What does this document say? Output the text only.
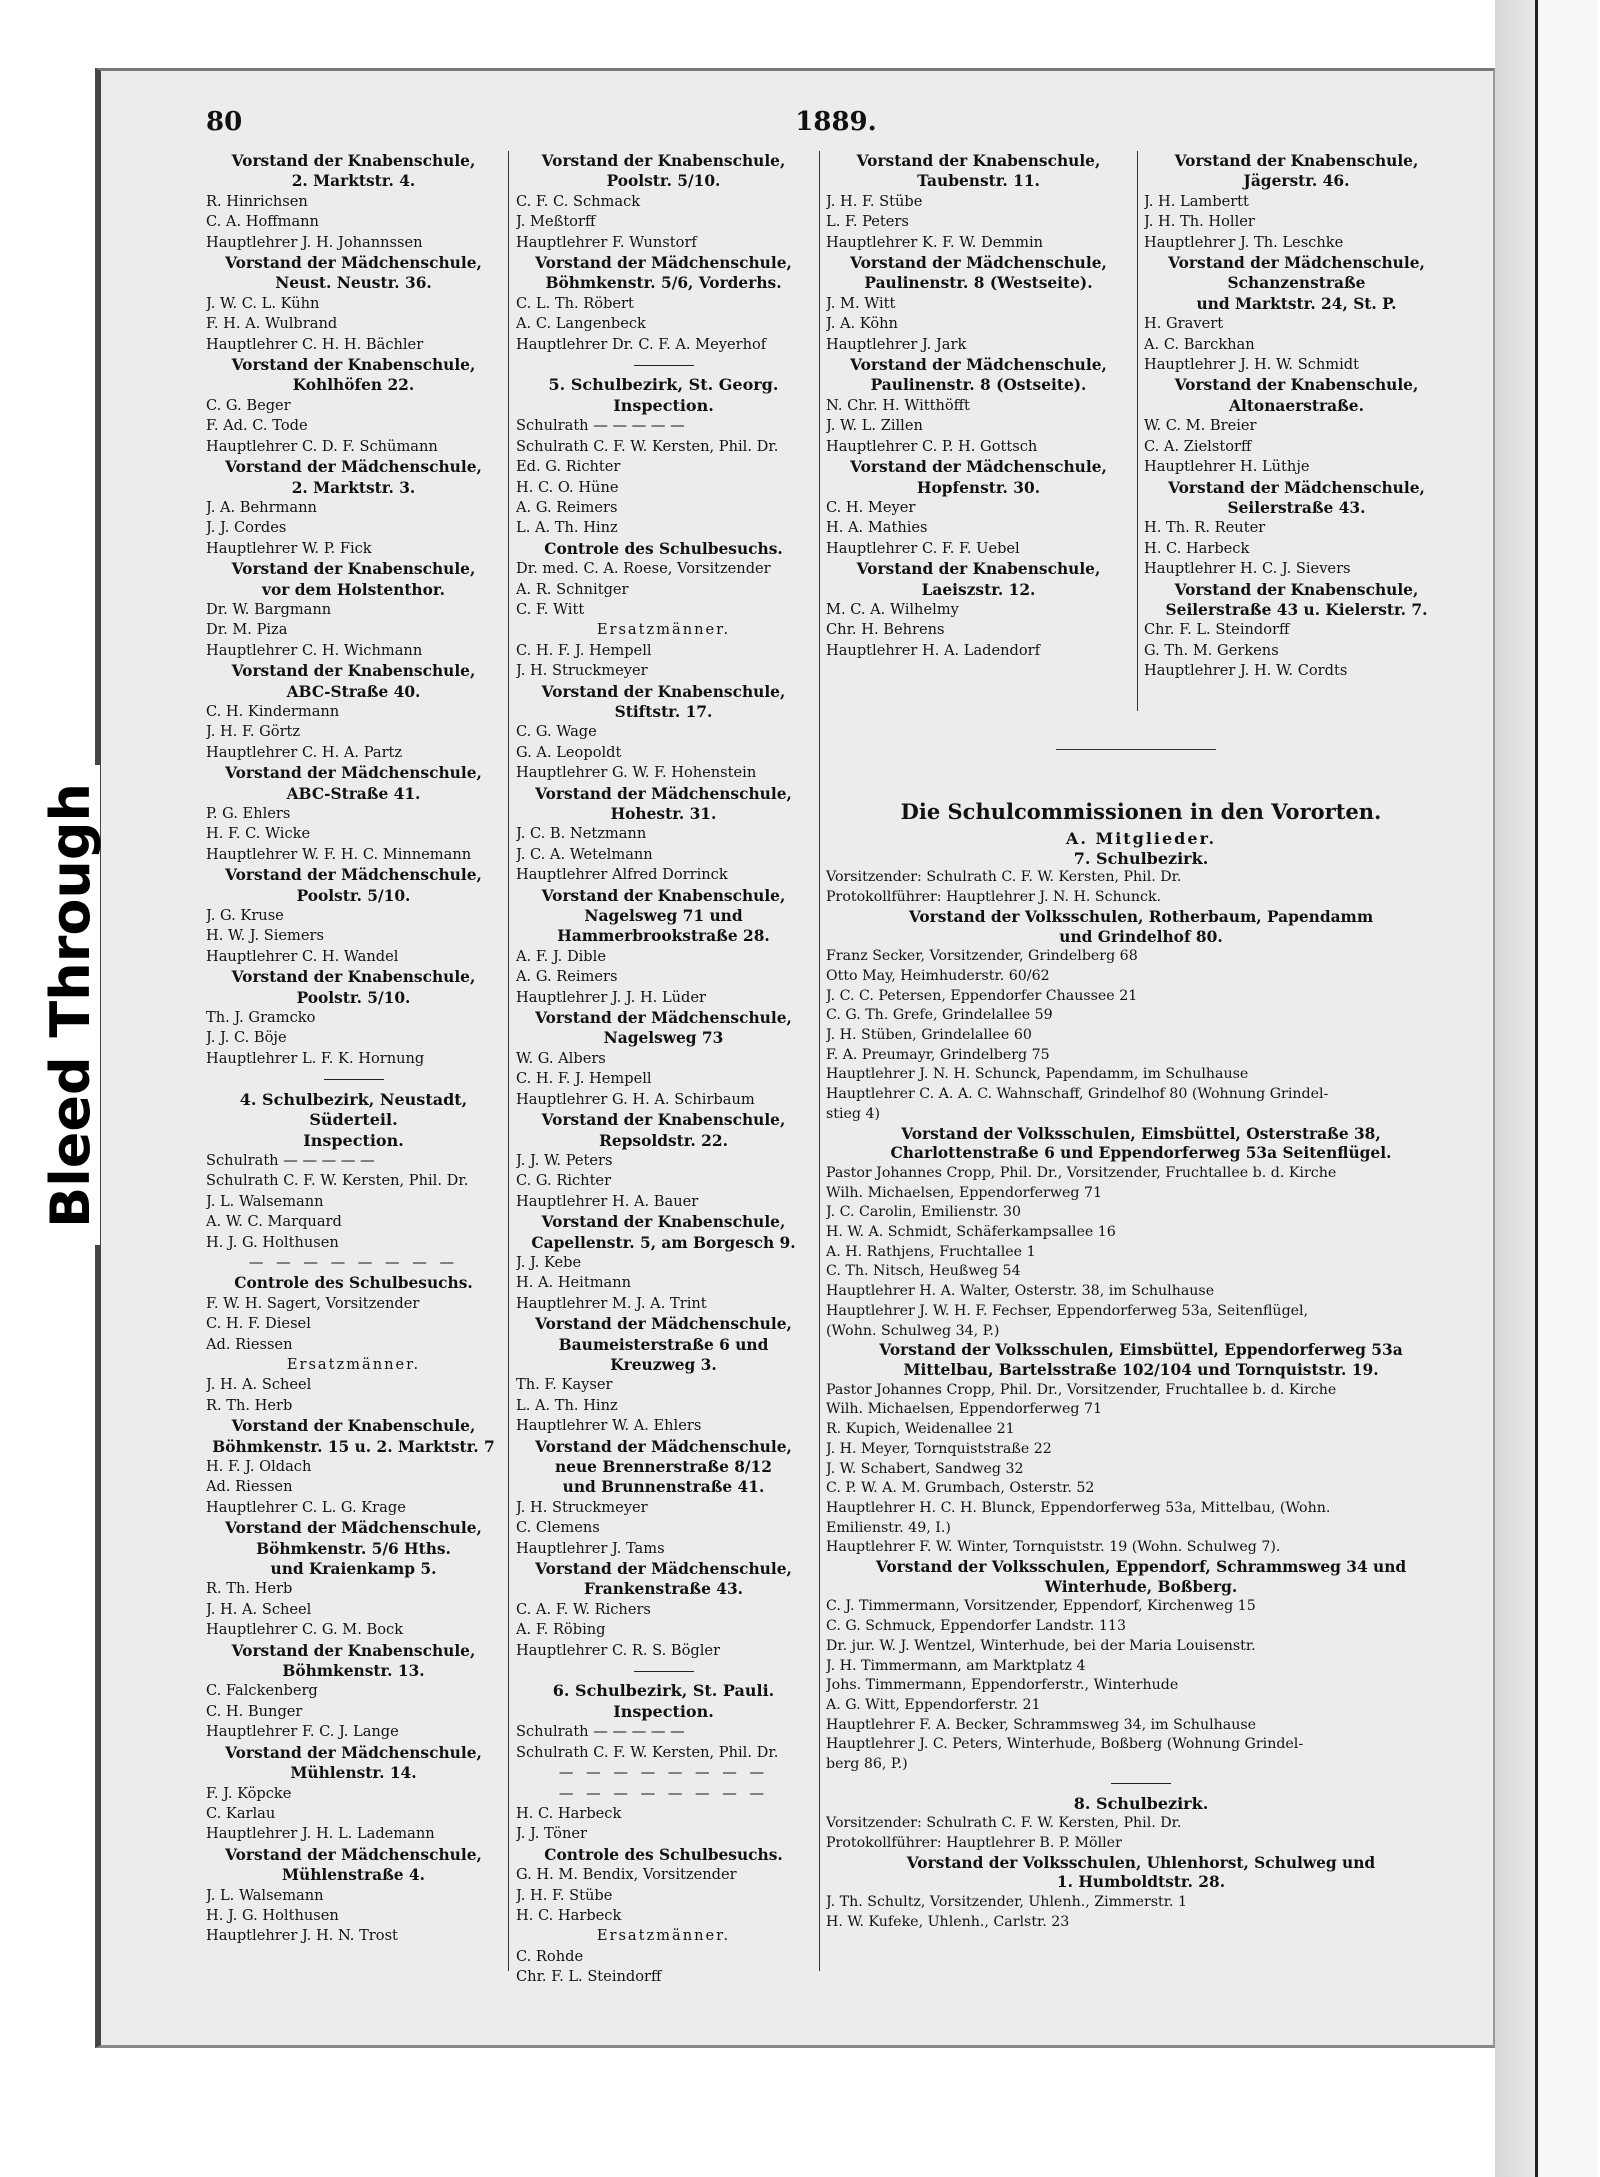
80	1889.
Vorstand der Knabenschule,
2. Marktstr. 4.
R. Hinrichsen
C. A. Hoffmann
Hauptlehrer J. H. Johannssen
Vorstand der Mädchenschule,
Neust. Neustr. 36.
J. W. C. L. Kühn
F. H. A. Wulbrand
Hauptlehrer C. H. H. Bächler
Vorstand der Knabenschule,
Kohlhöfen 22.
C. G. Beger
F. Ad. C. Tode
Hauptlehrer C. D. F. Schümann
Vorstand der Mädchenschule,
2. Marktstr. 3.
J. A. Behrmann
J. J. Cordes
Hauptlehrer W. P. Fick
Vorstand der Knabenschule,
vor dem Holstenthor.
Dr. W. Bargmann
Dr. M. Piza
Hauptlehrer C. H. Wichmann
Vorstand der Knabenschule,
ABC-Straße 40.
C. H. Kindermann
J. H. F. Görtz
Hauptlehrer C. H. A. Partz
Vorstand der Mädchenschule,
ABC-Straße 41.
P. G. Ehlers
H. F. C. Wicke
Hauptlehrer W. F. H. C. Minnemann
Vorstand der Mädchenschule,
Poolstr. 5/10.
J. G. Kruse
H. W. J. Siemers
Hauptlehrer C. H. Wandel
Vorstand der Knabenschule,
Poolstr. 5/10.
Th. J. Gramcko
J. J. C. Böje
Hauptlehrer L. F. K. Hornung
4. Schulbezirk, Neustadt,
Süderteil.
Inspection.
Schulrath — — — — —
Schulrath C. F. W. Kersten, Phil. Dr.
J. L. Walsemann
A. W. C. Marquard
H. J. G. Holthusen
— — — — — — — —
Controle des Schulbesuchs.
F. W. H. Sagert, Vorsitzender
C. H. F. Diesel
Ad. Riessen
Ersatzmänner.
J. H. A. Scheel
R. Th. Herb
Vorstand der Knabenschule,
Böhmkenstr. 15 u. 2. Marktstr. 7
H. F. J. Oldach
Ad. Riessen
Hauptlehrer C. L. G. Krage
Vorstand der Mädchenschule,
Böhmkenstr. 5/6 Hths.
und Kraienkamp 5.
R. Th. Herb
J. H. A. Scheel
Hauptlehrer C. G. M. Bock
Vorstand der Knabenschule,
Böhmkenstr. 13.
C. Falckenberg
C. H. Bunger
Hauptlehrer F. C. J. Lange
Vorstand der Mädchenschule,
Mühlenstr. 14.
F. J. Köpcke
C. Karlau
Hauptlehrer J. H. L. Lademann
Vorstand der Mädchenschule,
Mühlenstraße 4.
J. L. Walsemann
H. J. G. Holthusen
Hauptlehrer J. H. N. Trost
Vorstand der Knabenschule,
Poolstr. 5/10.
C. F. C. Schmack
J. Meßtorff
Hauptlehrer F. Wunstorf
Vorstand der Mädchenschule,
Böhmkenstr. 5/6, Vorderhs.
C. L. Th. Röbert
A. C. Langenbeck
Hauptlehrer Dr. C. F. A. Meyerhof
5. Schulbezirk, St. Georg.
Inspection.
Schulrath — — — — —
Schulrath C. F. W. Kersten, Phil. Dr.
Ed. G. Richter
H. C. O. Hüne
A. G. Reimers
L. A. Th. Hinz
Controle des Schulbesuchs.
Dr. med. C. A. Roese, Vorsitzender
A. R. Schnitger
C. F. Witt
Ersatzmänner.
C. H. F. J. Hempell
J. H. Struckmeyer
Vorstand der Knabenschule,
Stiftstr. 17.
C. G. Wage
G. A. Leopoldt
Hauptlehrer G. W. F. Hohenstein
Vorstand der Mädchenschule,
Hohestr. 31.
J. C. B. Netzmann
J. C. A. Wetelmann
Hauptlehrer Alfred Dorrinck
Vorstand der Knabenschule,
Nagelsweg 71 und
Hammerbrookstraße 28.
A. F. J. Dible
A. G. Reimers
Hauptlehrer J. J. H. Lüder
Vorstand der Mädchenschule,
Nagelsweg 73
W. G. Albers
C. H. F. J. Hempell
Hauptlehrer G. H. A. Schirbaum
Vorstand der Knabenschule,
Repsoldstr. 22.
J. J. W. Peters
C. G. Richter
Hauptlehrer H. A. Bauer
Vorstand der Knabenschule,
Capellenstr. 5, am Borgesch 9.
J. J. Kebe
H. A. Heitmann
Hauptlehrer M. J. A. Trint
Vorstand der Mädchenschule,
Baumeisterstraße 6 und
Kreuzweg 3.
Th. F. Kayser
L. A. Th. Hinz
Hauptlehrer W. A. Ehlers
Vorstand der Mädchenschule,
neue Brennerstraße 8/12
und Brunnenstraße 41.
J. H. Struckmeyer
C. Clemens
Hauptlehrer J. Tams
Vorstand der Mädchenschule,
Frankenstraße 43.
C. A. F. W. Richers
A. F. Röbing
Hauptlehrer C. R. S. Bögler
6. Schulbezirk, St. Pauli.
Inspection.
Schulrath — — — — —
Schulrath C. F. W. Kersten, Phil. Dr.
— — — — — — — —
— — — — — — — —
H. C. Harbeck
J. J. Töner
Controle des Schulbesuchs.
G. H. M. Bendix, Vorsitzender
J. H. F. Stübe
H. C. Harbeck
Ersatzmänner.
C. Rohde
Chr. F. L. Steindorff
Vorstand der Knabenschule,
Taubenstr. 11.
J. H. F. Stübe
L. F. Peters
Hauptlehrer K. F. W. Demmin
Vorstand der Mädchenschule,
Paulinenstr. 8 (Westseite).
J. M. Witt
J. A. Köhn
Hauptlehrer J. Jark
Vorstand der Mädchenschule,
Paulinenstr. 8 (Ostseite).
N. Chr. H. Witthöfft
J. W. L. Zillen
Hauptlehrer C. P. H. Gottsch
Vorstand der Mädchenschule,
Hopfenstr. 30.
C. H. Meyer
H. A. Mathies
Hauptlehrer C. F. F. Uebel
Vorstand der Knabenschule,
Laeiszstr. 12.
M. C. A. Wilhelmy
Chr. H. Behrens
Hauptlehrer H. A. Ladendorf
Vorstand der Knabenschule,
Jägerstr. 46.
J. H. Lambertt
J. H. Th. Holler
Hauptlehrer J. Th. Leschke
Vorstand der Mädchenschule,
Schanzenstraße
und Marktstr. 24, St. P.
H. Gravert
A. C. Barckhan
Hauptlehrer J. H. W. Schmidt
Vorstand der Knabenschule,
Altonaerstraße.
W. C. M. Breier
C. A. Zielstorff
Hauptlehrer H. Lüthje
Vorstand der Mädchenschule,
Seilerstraße 43.
H. Th. R. Reuter
H. C. Harbeck
Hauptlehrer H. C. J. Sievers
Vorstand der Knabenschule,
Seilerstraße 43 u. Kielerstr. 7.
Chr. F. L. Steindorff
G. Th. M. Gerkens
Hauptlehrer J. H. W. Cordts
Die Schulcommissionen in den Vororten.
A. Mitglieder.
7. Schulbezirk.
Vorsitzender: Schulrath C. F. W. Kersten, Phil. Dr.
Protokollführer: Hauptlehrer J. N. H. Schunck.
Vorstand der Volksschulen, Rotherbaum, Papendamm
und Grindelhof 80.
Franz Secker, Vorsitzender, Grindelberg 68
Otto May, Heimhuderstr. 60/62
J. C. C. Petersen, Eppendorfer Chaussee 21
C. G. Th. Grefe, Grindelallee 59
J. H. Stüben, Grindelallee 60
F. A. Preumayr, Grindelberg 75
Hauptlehrer J. N. H. Schunck, Papendamm, im Schulhause
Hauptlehrer C. A. A. C. Wahnschaff, Grindelhof 80 (Wohnung Grindel-
stieg 4)
Vorstand der Volksschulen, Eimsbüttel, Osterstraße 38,
Charlottenstraße 6 und Eppendorferweg 53a Seitenflügel.
Pastor Johannes Cropp, Phil. Dr., Vorsitzender, Fruchtallee b. d. Kirche
Wilh. Michaelsen, Eppendorferweg 71
J. C. Carolin, Emilienstr. 30
H. W. A. Schmidt, Schäferkampsallee 16
A. H. Rathjens, Fruchtallee 1
C. Th. Nitsch, Heußweg 54
Hauptlehrer H. A. Walter, Osterstr. 38, im Schulhause
Hauptlehrer J. W. H. F. Fechser, Eppendorferweg 53a, Seitenflügel,
(Wohn. Schulweg 34, P.)
Vorstand der Volksschulen, Eimsbüttel, Eppendorferweg 53a
Mittelbau, Bartelsstraße 102/104 und Tornquiststr. 19.
Pastor Johannes Cropp, Phil. Dr., Vorsitzender, Fruchtallee b. d. Kirche
Wilh. Michaelsen, Eppendorferweg 71
R. Kupich, Weidenallee 21
J. H. Meyer, Tornquiststraße 22
J. W. Schabert, Sandweg 32
C. P. W. A. M. Grumbach, Osterstr. 52
Hauptlehrer H. C. H. Blunck, Eppendorferweg 53a, Mittelbau, (Wohn.
Emilienstr. 49, I.)
Hauptlehrer F. W. Winter, Tornquiststr. 19 (Wohn. Schulweg 7).
Vorstand der Volksschulen, Eppendorf, Schrammsweg 34 und
Winterhude, Boßberg.
C. J. Timmermann, Vorsitzender, Eppendorf, Kirchenweg 15
C. G. Schmuck, Eppendorfer Landstr. 113
Dr. jur. W. J. Wentzel, Winterhude, bei der Maria Louisenstr.
J. H. Timmermann, am Marktplatz 4
Johs. Timmermann, Eppendorferstr., Winterhude
A. G. Witt, Eppendorferstr. 21
Hauptlehrer F. A. Becker, Schrammsweg 34, im Schulhause
Hauptlehrer J. C. Peters, Winterhude, Boßberg (Wohnung Grindel-
berg 86, P.)
8. Schulbezirk.
Vorsitzender: Schulrath C. F. W. Kersten, Phil. Dr.
Protokollführer: Hauptlehrer B. P. Möller
Vorstand der Volksschulen, Uhlenhorst, Schulweg und
1. Humboldtstr. 28.
J. Th. Schultz, Vorsitzender, Uhlenh., Zimmerstr. 1
H. W. Kufeke, Uhlenh., Carlstr. 23
Bleed Through
